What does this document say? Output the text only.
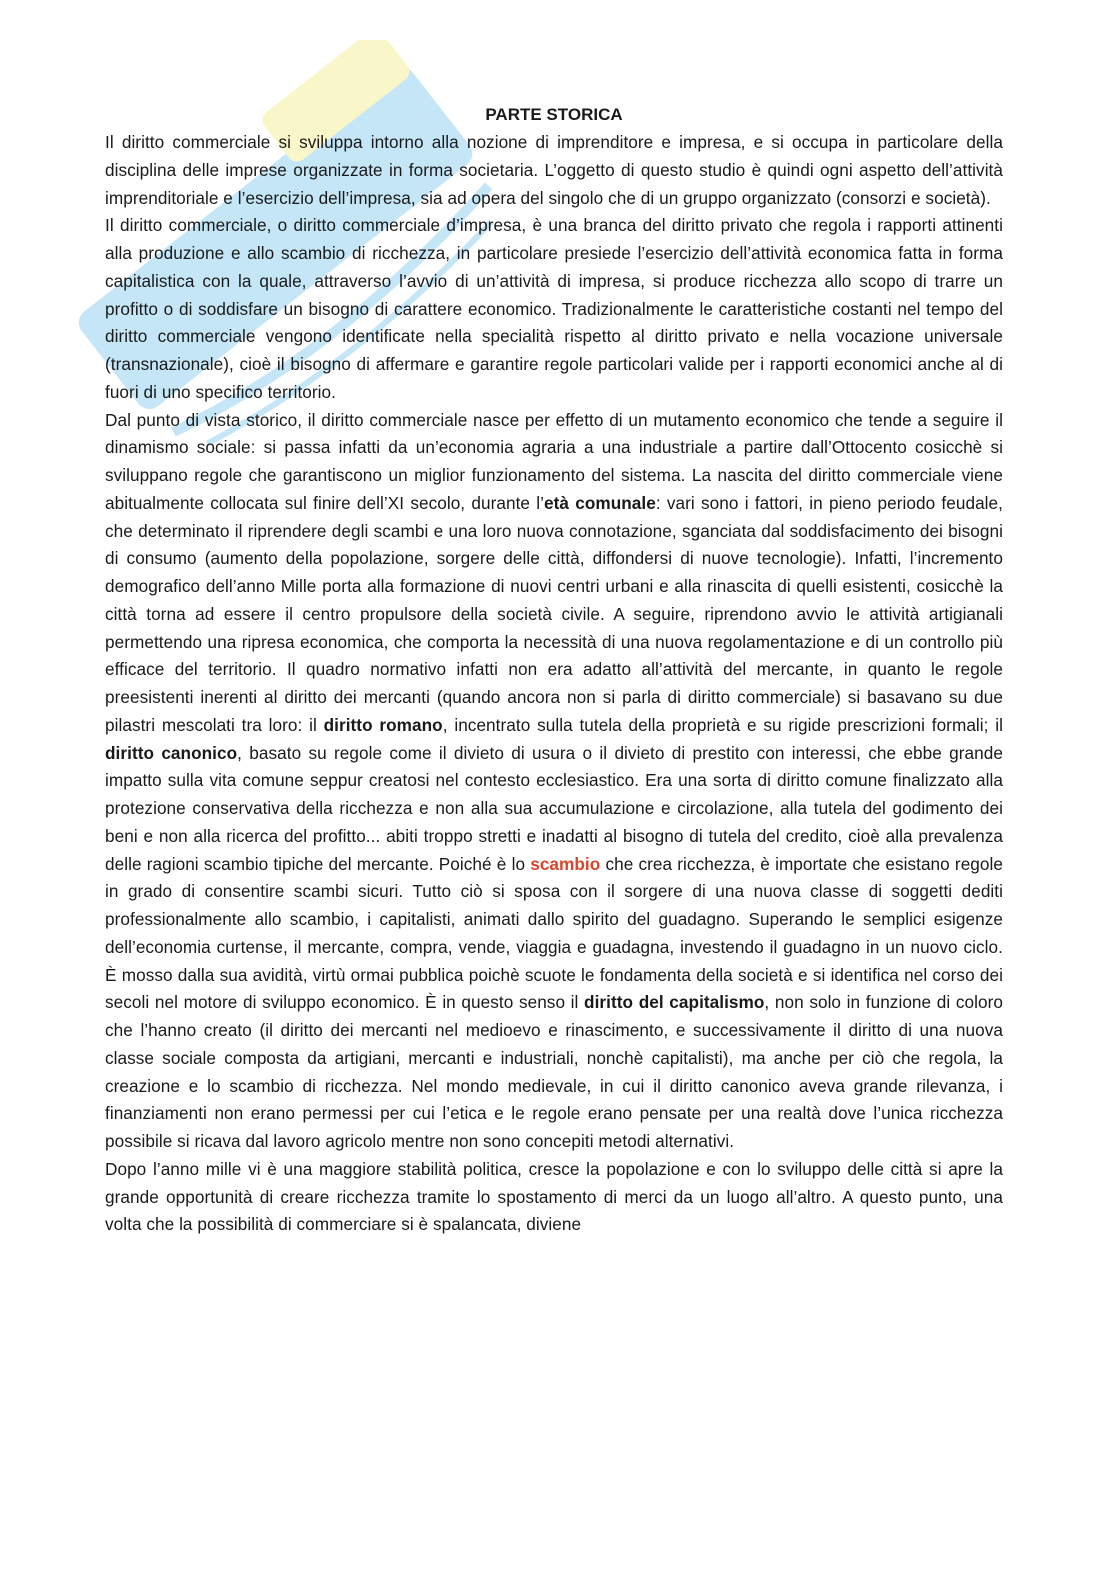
PARTE STORICA

Il diritto commerciale si sviluppa intorno alla nozione di imprenditore e impresa, e si occupa in particolare della disciplina delle imprese organizzate in forma societaria. L’oggetto di questo studio è quindi ogni aspetto dell’attività imprenditoriale e l’esercizio dell’impresa, sia ad opera del singolo che di un gruppo organizzato (consorzi e società).

Il diritto commerciale, o diritto commerciale d’impresa, è una branca del diritto privato che regola i rapporti attinenti alla produzione e allo scambio di ricchezza, in particolare presiede l’esercizio dell’attività economica fatta in forma capitalistica con la quale, attraverso l’avvio di un’attività di impresa, si produce ricchezza allo scopo di trarre un profitto o di soddisfare un bisogno di carattere economico. Tradizionalmente le caratteristiche costanti nel tempo del diritto commerciale vengono identificate nella specialità rispetto al diritto privato e nella vocazione universale (transnazionale), cioè il bisogno di affermare e garantire regole particolari valide per i rapporti economici anche al di fuori di uno specifico territorio.

Dal punto di vista storico, il diritto commerciale nasce per effetto di un mutamento economico che tende a seguire il dinamismo sociale: si passa infatti da un’economia agraria a una industriale a partire dall’Ottocento cosicchè si sviluppano regole che garantiscono un miglior funzionamento del sistema. La nascita del diritto commerciale viene abitualmente collocata sul finire dell’XI secolo, durante l’età comunale: vari sono i fattori, in pieno periodo feudale, che determinato il riprendere degli scambi e una loro nuova connotazione, sganciata dal soddisfacimento dei bisogni di consumo (aumento della popolazione, sorgere delle città, diffondersi di nuove tecnologie). Infatti, l’incremento demografico dell’anno Mille porta alla formazione di nuovi centri urbani e alla rinascita di quelli esistenti, cosicchè la città torna ad essere il centro propulsore della società civile. A seguire, riprendono avvio le attività artigianali permettendo una ripresa economica, che comporta la necessità di una nuova regolamentazione e di un controllo più efficace del territorio. Il quadro normativo infatti non era adatto all’attività del mercante, in quanto le regole preesistenti inerenti al diritto dei mercanti (quando ancora non si parla di diritto commerciale) si basavano su due pilastri mescolati tra loro: il diritto romano, incentrato sulla tutela della proprietà e su rigide prescrizioni formali; il diritto canonico, basato su regole come il divieto di usura o il divieto di prestito con interessi, che ebbe grande impatto sulla vita comune seppur creatosi nel contesto ecclesiastico. Era una sorta di diritto comune finalizzato alla protezione conservativa della ricchezza e non alla sua accumulazione e circolazione, alla tutela del godimento dei beni e non alla ricerca del profitto... abiti troppo stretti e inadatti al bisogno di tutela del credito, cioè alla prevalenza delle ragioni scambio tipiche del mercante. Poiché è lo scambio che crea ricchezza, è importate che esistano regole in grado di consentire scambi sicuri. Tutto ciò si sposa con il sorgere di una nuova classe di soggetti dediti professionalmente allo scambio, i capitalisti, animati dallo spirito del guadagno. Superando le semplici esigenze dell’economia curtense, il mercante, compra, vende, viaggia e guadagna, investendo il guadagno in un nuovo ciclo. È mosso dalla sua avidità, virtù ormai pubblica poichè scuote le fondamenta della società e si identifica nel corso dei secoli nel motore di sviluppo economico. È in questo senso il diritto del capitalismo, non solo in funzione di coloro che l’hanno creato (il diritto dei mercanti nel medioevo e rinascimento, e successivamente il diritto di una nuova classe sociale composta da artigiani, mercanti e industriali, nonchè capitalisti), ma anche per ciò che regola, la creazione e lo scambio di ricchezza. Nel mondo medievale, in cui il diritto canonico aveva grande rilevanza, i finanziamenti non erano permessi per cui l’etica e le regole erano pensate per una realtà dove l’unica ricchezza possibile si ricava dal lavoro agricolo mentre non sono concepiti metodi alternativi.

Dopo l’anno mille vi è una maggiore stabilità politica, cresce la popolazione e con lo sviluppo delle città si apre la grande opportunità di creare ricchezza tramite lo spostamento di merci da un luogo all’altro. A questo punto, una volta che la possibilità di commerciare si è spalancata, diviene
